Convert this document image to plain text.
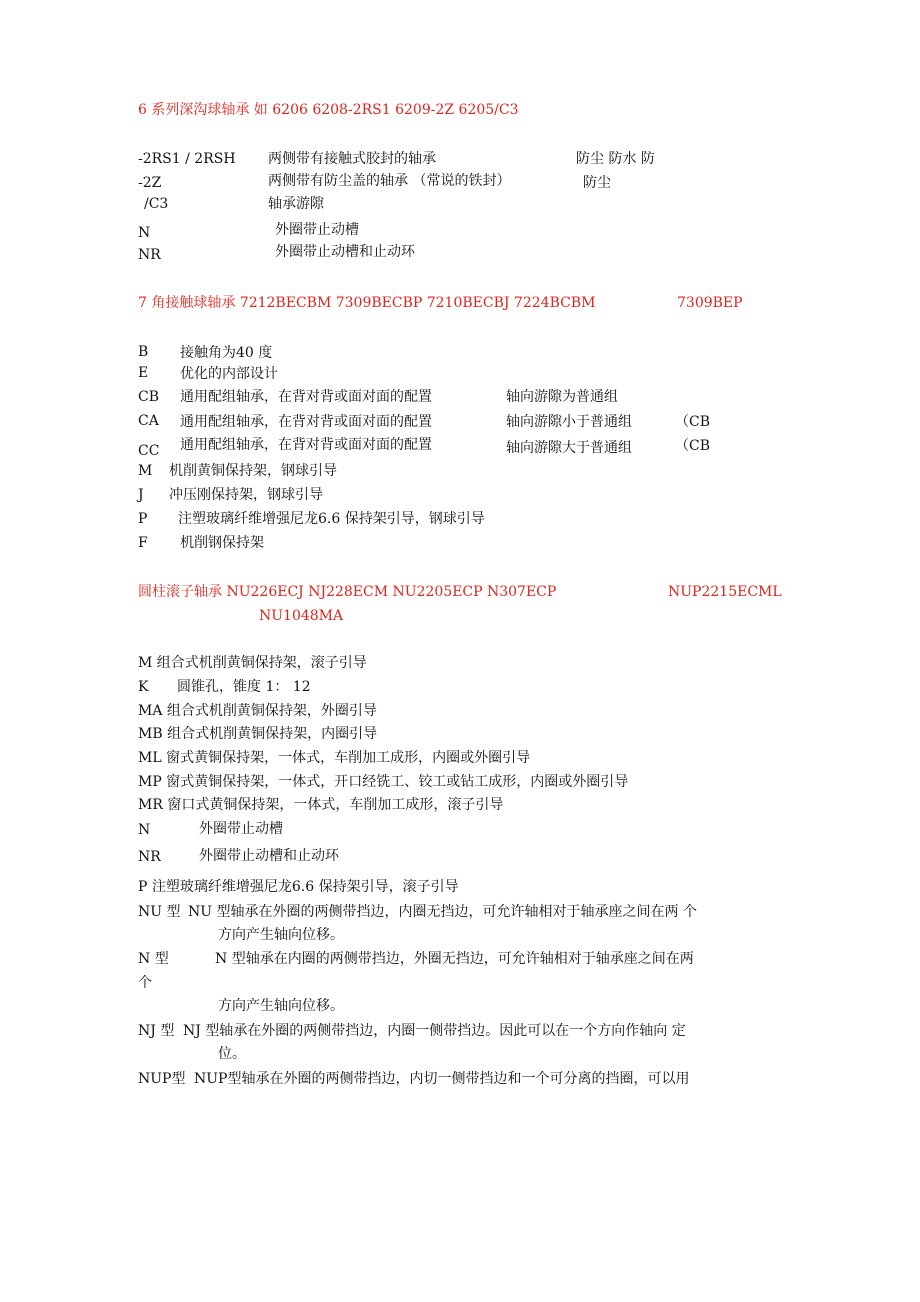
6 系列深沟球轴承 如 6206 6208-2RS1 6209-2Z 6205/C3
-2RS1 / 2RSH 两侧带有接触式胶封的轴承	防尘 防水 防
-2Z	两侧带有防尘盖的轴承 （常说的铁封）	防尘
/C3	轴承游隙
N	外圈带止动槽
NR	外圈带止动槽和止动环
7 角接触球轴承 7212BECBM 7309BECBP 7210BECBJ 7224BCBM	7309BEP
B 接触角为40 度
E 优化的内部设计
CB 通用配组轴承，在背对背或面对面的配置	轴向游隙为普通组
CA 通用配组轴承，在背对背或面对面的配置	轴向游隙小于普通组	（CB
CC 通用配组轴承，在背对背或面对面的配置	轴向游隙大于普通组	（CB
M 机削黄铜保持架，钢球引导
J 冲压刚保持架，钢球引导
P 注塑玻璃纤维增强尼龙6.6 保持架引导，钢球引导
F 机削钢保持架
圆柱滚子轴承 NU226ECJ NJ228ECM NU2205ECP N307ECP	NUP2215ECML
NU1048MA
M 组合式机削黄铜保持架，滚子引导
K 圆锥孔，锥度 1： 12
MA 组合式机削黄铜保持架，外圈引导
MB 组合式机削黄铜保持架，内圈引导
ML 窗式黄铜保持架，一体式，车削加工成形，内圈或外圈引导
MP 窗式黄铜保持架，一体式，开口经铣工、铰工或钻工成形，内圈或外圈引导
MR 窗口式黄铜保持架，一体式，车削加工成形，滚子引导
N	外圈带止动槽
NR	外圈带止动槽和止动环
P 注塑玻璃纤维增强尼龙6.6 保持架引导，滚子引导
NU 型 NU 型轴承在外圈的两侧带挡边，内圈无挡边，可允许轴相对于轴承座之间在两 个
方向产生轴向位移。
N 型	N 型轴承在内圈的两侧带挡边，外圈无挡边，可允许轴相对于轴承座之间在两
个
方向产生轴向位移。
NJ 型 NJ 型轴承在外圈的两侧带挡边，内圈一侧带挡边。因此可以在一个方向作轴向 定
位。
NUP型 NUP型轴承在外圈的两侧带挡边，内切一侧带挡边和一个可分离的挡圈，可以用
